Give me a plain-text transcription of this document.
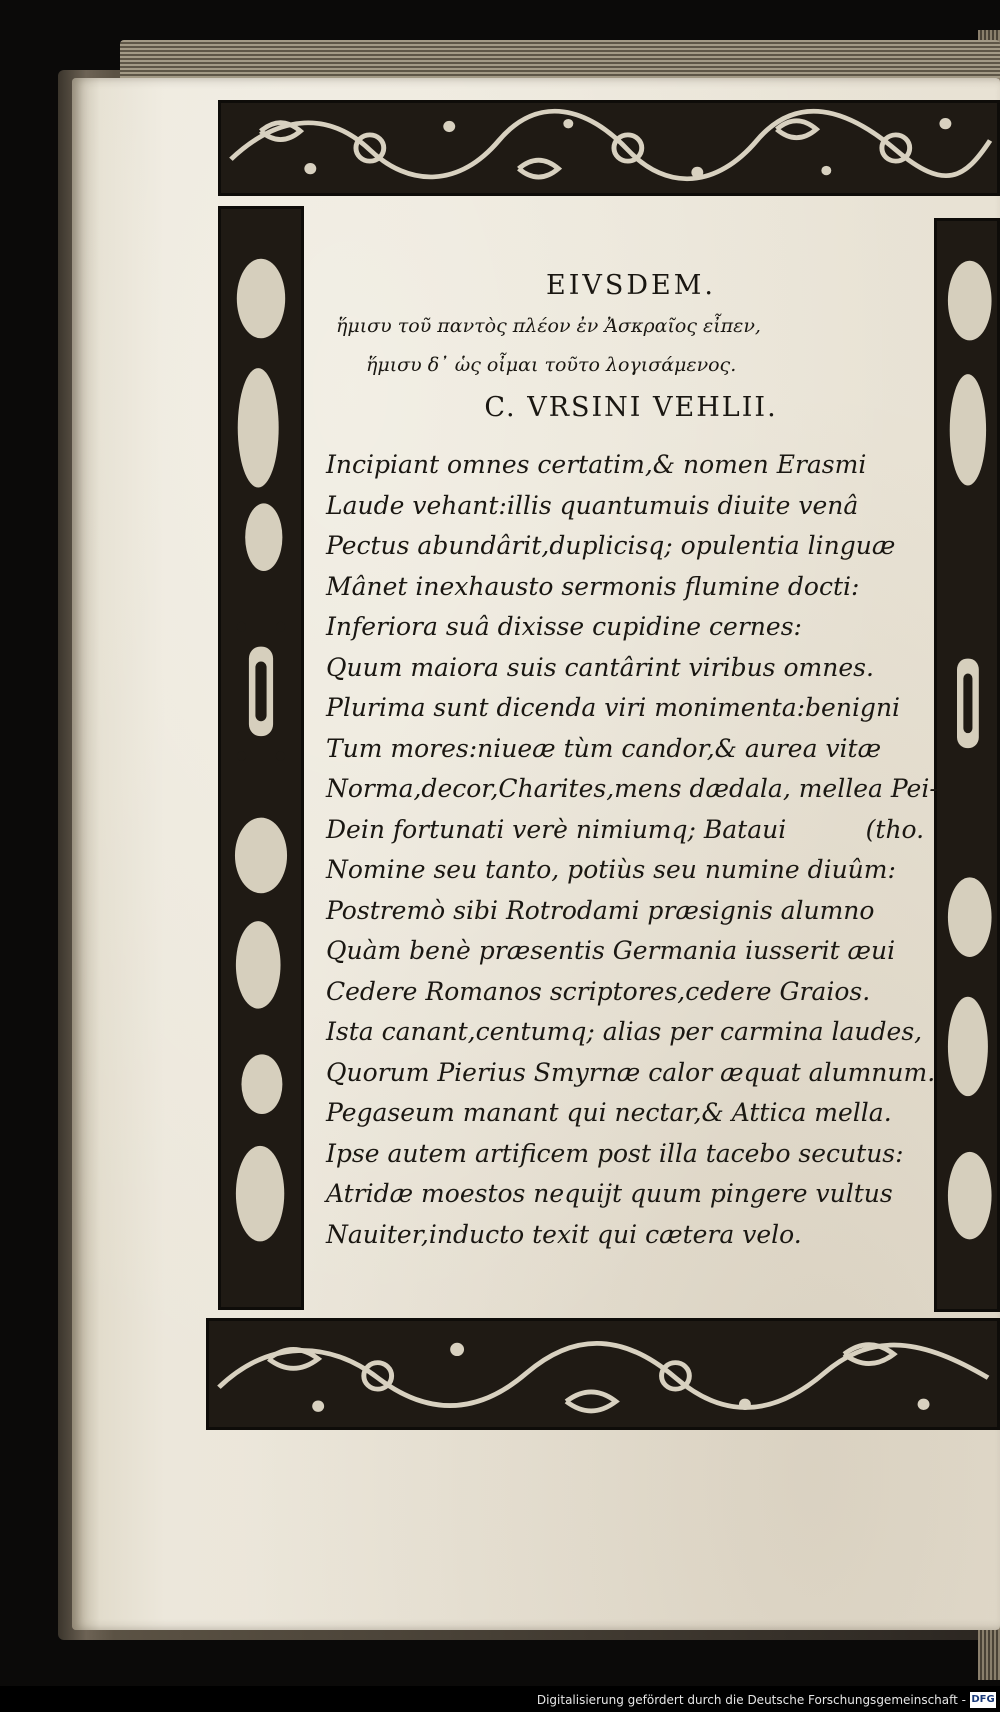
EIVSDEM.
ἥμισυ τοῦ παντὸς πλέον ἐν Ἀσκραῖος εἶπεν,
ἥμισυ δ᾽ ὡς οἶμαι τοῦτο λογισάμενος.
C. VRSINI VEHLII.
Incipiant omnes certatim,& nomen Erasmi
Laude vehant:illis quantumuis diuite venâ
Pectus abundârit,duplicisq; opulentia linguæ
Mânet inexhausto sermonis flumine docti:
Inferiora suâ dixisse cupidine cernes:
Quum maiora suis cantârint viribus omnes.
Plurima sunt dicenda viri monimenta:benigni
Tum mores:niueæ tùm candor,& aurea vitæ
Norma,decor,Charites,mens dædala, mellea Pei-
Dein fortunati verè nimiumq; Bataui          (tho.
Nomine seu tanto, potiùs seu numine diuûm:
Postremò sibi Rotrodami præsignis alumno
Quàm benè præsentis Germania iusserit æui
Cedere Romanos scriptores,cedere Graios.
Ista canant,centumq; alias per carmina laudes,
Quorum Pierius Smyrnæ calor æquat alumnum.
Pegaseum manant qui nectar,& Attica mella.
Ipse autem artificem post illa tacebo secutus:
Atridæ moestos nequijt quum pingere vultus
Nauiter,inducto texit qui cætera velo.
Digitalisierung gefördert durch die Deutsche Forschungsgemeinschaft - DFG
